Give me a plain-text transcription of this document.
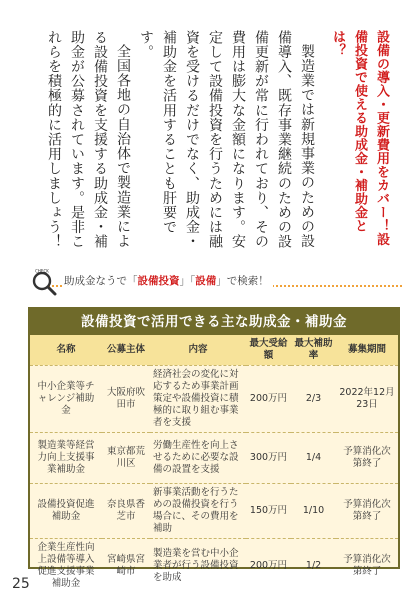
設備の導入・更新費用をカバー！設備投資で使える助成金・補助金とは？

製造業では新規事業のための設備導入、既存事業継続のための設備更新が常に行われており、その費用は膨大な金額になります。安定して設備投資を行うためには融資を受けるだけでなく、助成金・補助金を活用することも肝要です。

全国各地の自治体で製造業による設備投資を支援する助成金・補助金が公募されています。是非これらを積極的に活用しましょう！

CHECK
助成金なうで「設備投資」「設備」で検索！
設備投資で活用できる主な助成金・補助金
名称	公募主体	内容	最大受給額	最大補助率	募集期間
中小企業等チャレンジ補助金	大阪府吹田市	経済社会の変化に対応するため事業計画策定や設備投資に積極的に取り組む事業者を支援	200万円	2/3	2022年12月23日
製造業等経営力向上支援事業補助金	東京都荒川区	労働生産性を向上させるために必要な設備の設置を支援	300万円	1/4	予算消化次第終了
設備投資促進補助金	奈良県香芝市	新事業活動を行うための設備投資を行う場合に、その費用を補助	150万円	1/10	予算消化次第終了
企業生産性向上設備等導入促進支援事業補助金	宮崎県宮崎市	製造業を営む中小企業者が行う設備投資を助成	200万円	1/2	予算消化次第終了
25
